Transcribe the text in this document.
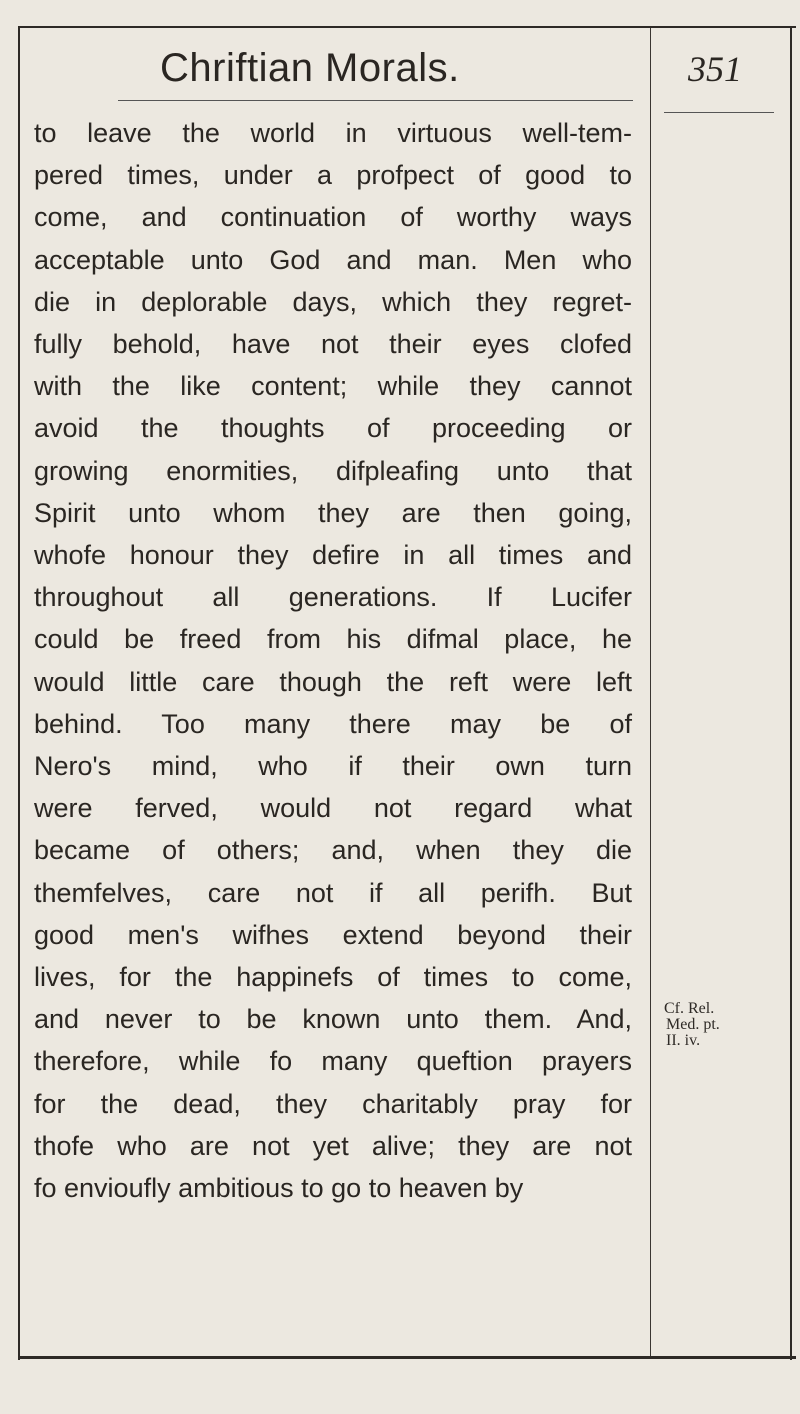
Chriftian Morals.	351
to leave the world in virtuous well-tem-
pered times, under a profpect of good to
come, and continuation of worthy ways
acceptable unto God and man. Men who
die in deplorable days, which they regret-
fully behold, have not their eyes clofed
with the like content; while they cannot
avoid the thoughts of proceeding or
growing enormities, difpleafing unto that
Spirit unto whom they are then going,
whofe honour they defire in all times and
throughout all generations. If Lucifer
could be freed from his difmal place, he
would little care though the reft were left
behind. Too many there may be of
Nero's mind, who if their own turn
were ferved, would not regard what
became of others; and, when they die
themfelves, care not if all perifh. But
good men's wifhes extend beyond their
lives, for the happinefs of times to come,
and never to be known unto them. And,
therefore, while fo many queftion prayers
for the dead, they charitably pray for
thofe who are not yet alive; they are not
fo envioufly ambitious to go to heaven by
Cf. Rel.
Med. pt.
II. iv.
